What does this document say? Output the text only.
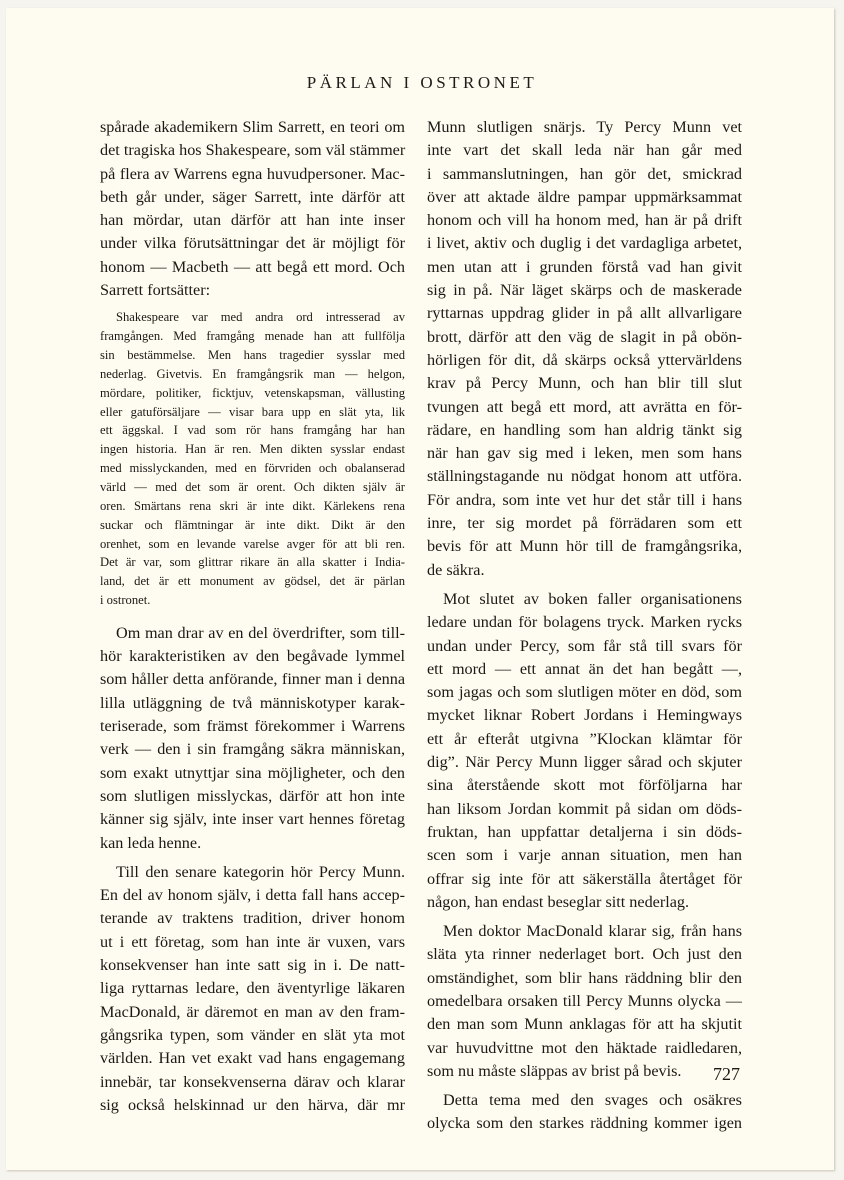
PÄRLAN I OSTRONET
spårade akademikern Slim Sarrett, en teori om
det tragiska hos Shakespeare, som väl stämmer
på flera av Warrens egna huvudpersoner. Mac-
beth går under, säger Sarrett, inte därför att
han mördar, utan därför att han inte inser
under vilka förutsättningar det är möjligt för
honom — Macbeth — att begå ett mord. Och
Sarrett fortsätter:
Shakespeare var med andra ord intresserad av
framgången. Med framgång menade han att fullfölja
sin bestämmelse. Men hans tragedier sysslar med
nederlag. Givetvis. En framgångsrik man — helgon,
mördare, politiker, ficktjuv, vetenskapsman, vällusting
eller gatuförsäljare — visar bara upp en slät yta, lik
ett äggskal. I vad som rör hans framgång har han
ingen historia. Han är ren. Men dikten sysslar endast
med misslyckanden, med en förvriden och obalanserad
värld — med det som är orent. Och dikten själv är
oren. Smärtans rena skri är inte dikt. Kärlekens rena
suckar och flämtningar är inte dikt. Dikt är den
orenhet, som en levande varelse avger för att bli ren.
Det är var, som glittrar rikare än alla skatter i India-
land, det är ett monument av gödsel, det är pärlan
i ostronet.
Om man drar av en del överdrifter, som till-
hör karakteristiken av den begåvade lymmel
som håller detta anförande, finner man i denna
lilla utläggning de två människotyper karak-
teriserade, som främst förekommer i Warrens
verk — den i sin framgång säkra människan,
som exakt utnyttjar sina möjligheter, och den
som slutligen misslyckas, därför att hon inte
känner sig själv, inte inser vart hennes företag
kan leda henne.
Till den senare kategorin hör Percy Munn.
En del av honom själv, i detta fall hans accep-
terande av traktens tradition, driver honom
ut i ett företag, som han inte är vuxen, vars
konsekvenser han inte satt sig in i. De natt-
liga ryttarnas ledare, den äventyrlige läkaren
MacDonald, är däremot en man av den fram-
gångsrika typen, som vänder en slät yta mot
världen. Han vet exakt vad hans engagemang
innebär, tar konsekvenserna därav och klarar
sig också helskinnad ur den härva, där mr
Munn slutligen snärjs. Ty Percy Munn vet
inte vart det skall leda när han går med
i sammanslutningen, han gör det, smickrad
över att aktade äldre pampar uppmärksammat
honom och vill ha honom med, han är på drift
i livet, aktiv och duglig i det vardagliga arbetet,
men utan att i grunden förstå vad han givit
sig in på. När läget skärps och de maskerade
ryttarnas uppdrag glider in på allt allvarligare
brott, därför att den väg de slagit in på obön-
hörligen för dit, då skärps också yttervärldens
krav på Percy Munn, och han blir till slut
tvungen att begå ett mord, att avrätta en för-
rädare, en handling som han aldrig tänkt sig
när han gav sig med i leken, men som hans
ställningstagande nu nödgat honom att utföra.
För andra, som inte vet hur det står till i hans
inre, ter sig mordet på förrädaren som ett
bevis för att Munn hör till de framgångsrika,
de säkra.
Mot slutet av boken faller organisationens
ledare undan för bolagens tryck. Marken rycks
undan under Percy, som får stå till svars för
ett mord — ett annat än det han begått —,
som jagas och som slutligen möter en död, som
mycket liknar Robert Jordans i Hemingways
ett år efteråt utgivna ”Klockan klämtar för
dig”. När Percy Munn ligger sårad och skjuter
sina återstående skott mot förföljarna har
han liksom Jordan kommit på sidan om döds-
fruktan, han uppfattar detaljerna i sin döds-
scen som i varje annan situation, men han
offrar sig inte för att säkerställa återtåget för
någon, han endast beseglar sitt nederlag.
Men doktor MacDonald klarar sig, från hans
släta yta rinner nederlaget bort. Och just den
omständighet, som blir hans räddning blir den
omedelbara orsaken till Percy Munns olycka —
den man som Munn anklagas för att ha skjutit
var huvudvittne mot den häktade raidledaren,
som nu måste släppas av brist på bevis.
Detta tema med den svages och osäkres
olycka som den starkes räddning kommer igen
727
